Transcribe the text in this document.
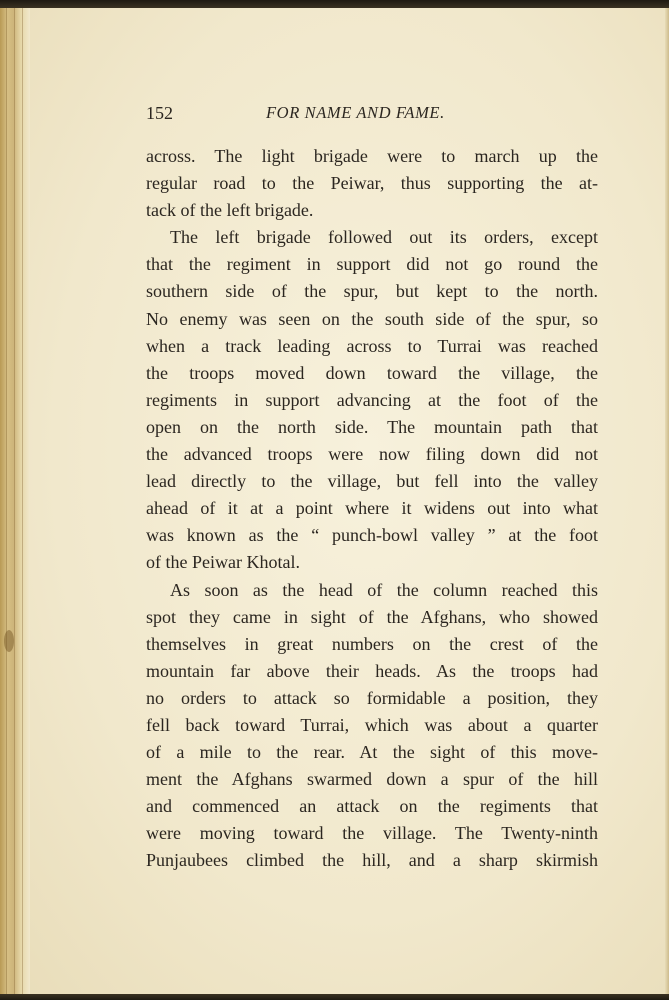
152	FOR NAME AND FAME.
across. The light brigade were to march up the
regular road to the Peiwar, thus supporting the at-
tack of the left brigade.
The left brigade followed out its orders, except
that the regiment in support did not go round the
southern side of the spur, but kept to the north.
No enemy was seen on the south side of the spur, so
when a track leading across to Turrai was reached
the troops moved down toward the village, the
regiments in support advancing at the foot of the
open on the north side. The mountain path that
the advanced troops were now filing down did not
lead directly to the village, but fell into the valley
ahead of it at a point where it widens out into what
was known as the “ punch-bowl valley ” at the foot
of the Peiwar Khotal.
As soon as the head of the column reached this
spot they came in sight of the Afghans, who showed
themselves in great numbers on the crest of the
mountain far above their heads. As the troops had
no orders to attack so formidable a position, they
fell back toward Turrai, which was about a quarter
of a mile to the rear. At the sight of this move-
ment the Afghans swarmed down a spur of the hill
and commenced an attack on the regiments that
were moving toward the village. The Twenty-ninth
Punjaubees climbed the hill, and a sharp skirmish
